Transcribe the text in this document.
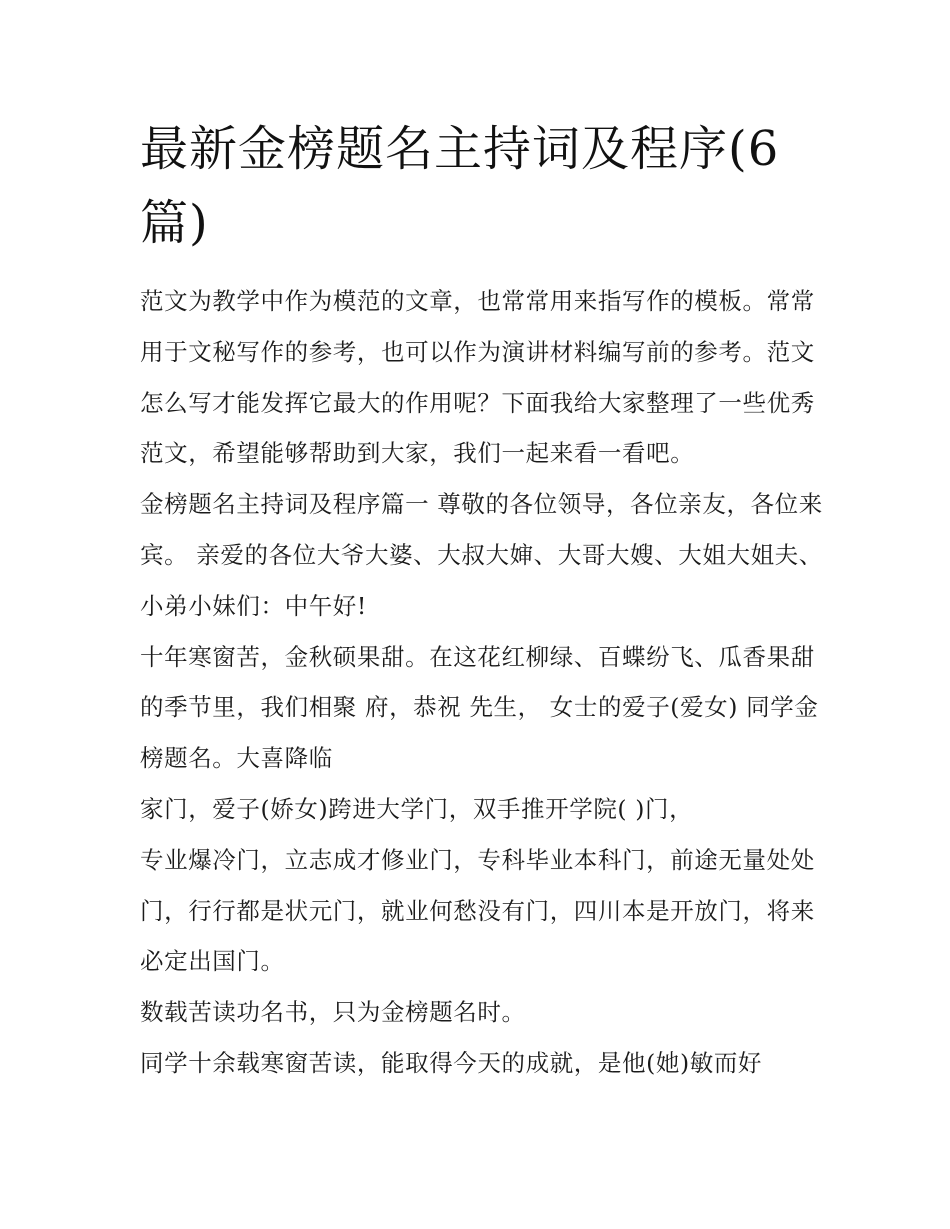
最新金榜题名主持词及程序(6篇)

范文为教学中作为模范的文章，也常常用来指写作的模板。常常用于文秘写作的参考，也可以作为演讲材料编写前的参考。范文怎么写才能发挥它最大的作用呢？下面我给大家整理了一些优秀范文，希望能够帮助到大家，我们一起来看一看吧。

金榜题名主持词及程序篇一 尊敬的各位领导，各位亲友，各位来宾。 亲爱的各位大爷大婆、大叔大婶、大哥大嫂、大姐大姐夫、小弟小妹们：中午好!

十年寒窗苦，金秋硕果甜。在这花红柳绿、百蝶纷飞、瓜香果甜的季节里，我们相聚 府，恭祝 先生， 女士的爱子(爱女) 同学金榜题名。大喜降临

家门，爱子(娇女)跨进大学门，双手推开学院( )门，

专业爆冷门，立志成才修业门，专科毕业本科门，前途无量处处门，行行都是状元门，就业何愁没有门，四川本是开放门，将来必定出国门。

数载苦读功名书，只为金榜题名时。

同学十余载寒窗苦读，能取得今天的成就，是他(她)敏而好
